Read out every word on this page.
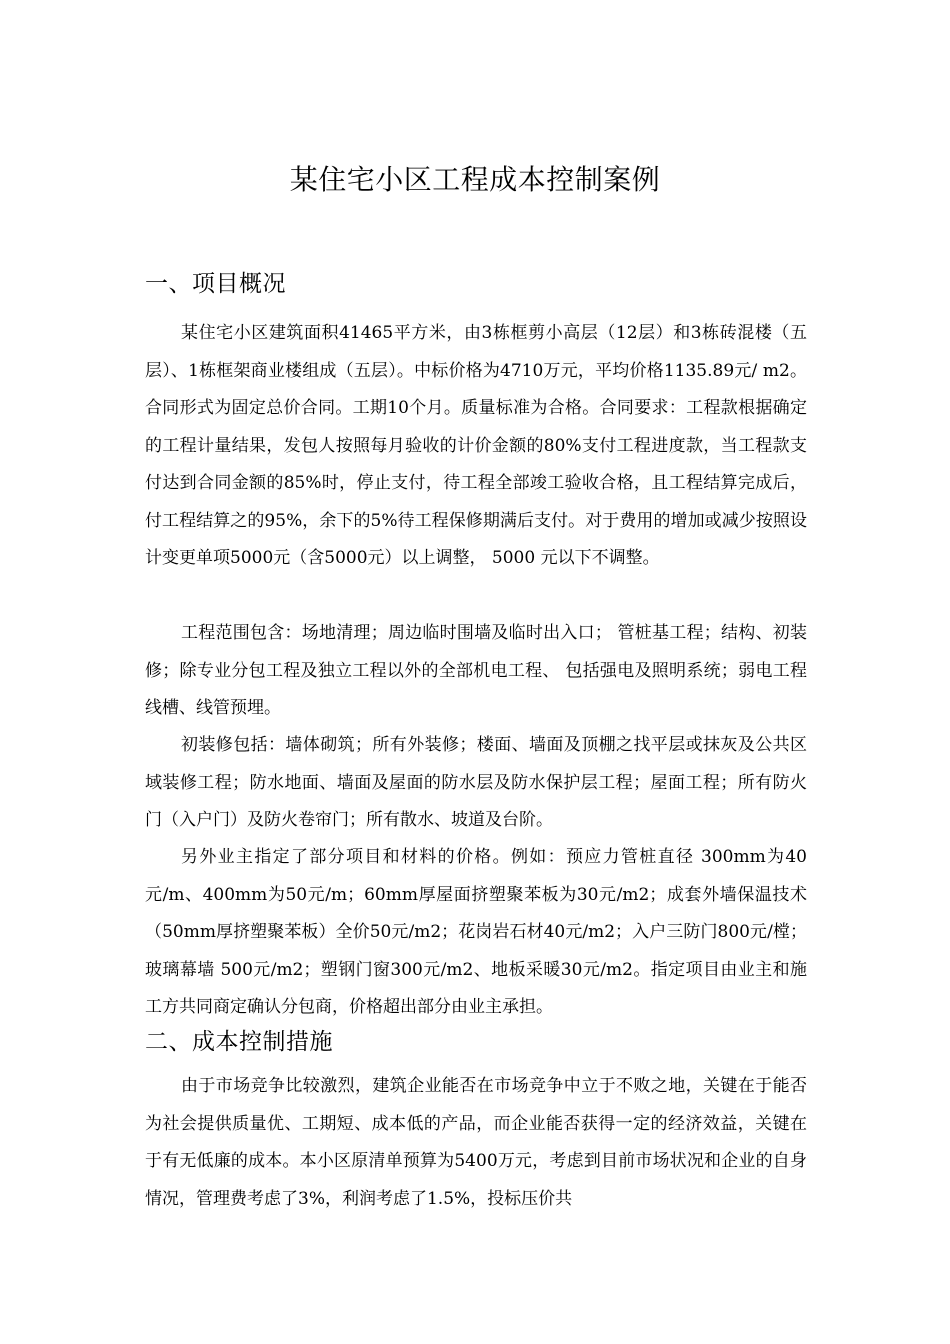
某住宅小区工程成本控制案例
一、项目概况

某住宅小区建筑面积41465平方米，由3栋框剪小高层（12层）和3栋砖混楼（五层）、1栋框架商业楼组成（五层）。中标价格为4710万元，平均价格1135.89元/ m2。合同形式为固定总价合同。工期10个月。质量标准为合格。合同要求：工程款根据确定的工程计量结果，发包人按照每月验收的计价金额的80%支付工程进度款，当工程款支付达到合同金额的85%时，停止支付，待工程全部竣工验收合格，且工程结算完成后，付工程结算之的95%，余下的5%待工程保修期满后支付。对于费用的增加或减少按照设计变更单项5000元（含5000元）以上调整， 5000 元以下不调整。

工程范围包含：场地清理；周边临时围墙及临时出入口； 管桩基工程；结构、初装修；除专业分包工程及独立工程以外的全部机电工程、 包括强电及照明系统；弱电工程线槽、线管预埋。

初装修包括：墙体砌筑；所有外装修；楼面、墙面及顶棚之找平层或抹灰及公共区域装修工程；防水地面、墙面及屋面的防水层及防水保护层工程；屋面工程；所有防火门（入户门）及防火卷帘门；所有散水、坡道及台阶。

另外业主指定了部分项目和材料的价格。例如：预应力管桩直径 300mm为40元/m、400mm为50元/m；60mm厚屋面挤塑聚苯板为30元/m2；成套外墙保温技术（50mm厚挤塑聚苯板）全价50元/m2；花岗岩石材40元/m2；入户三防门800元/樘；玻璃幕墙 500元/m2；塑钢门窗300元/m2、地板采暖30元/m2。指定项目由业主和施工方共同商定确认分包商，价格超出部分由业主承担。

二、成本控制措施

由于市场竞争比较激烈，建筑企业能否在市场竞争中立于不败之地，关键在于能否为社会提供质量优、工期短、成本低的产品，而企业能否获得一定的经济效益，关键在于有无低廉的成本。本小区原清单预算为5400万元，考虑到目前市场状况和企业的自身情况，管理费考虑了3%，利润考虑了1.5%，投标压价共
